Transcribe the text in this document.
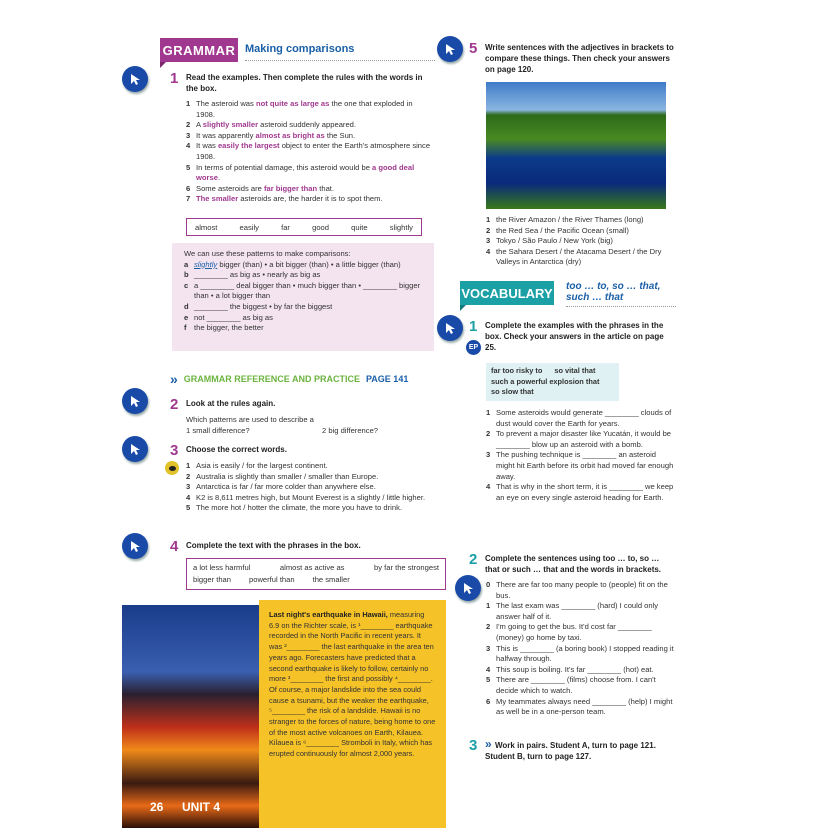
GRAMMAR Making comparisons
1 Read the examples. Then complete the rules with the words in the box.
1 The asteroid was not quite as large as the one that exploded in 1908.
2 A slightly smaller asteroid suddenly appeared.
3 It was apparently almost as bright as the Sun.
4 It was easily the largest object to enter the Earth's atmosphere since 1908.
5 In terms of potential damage, this asteroid would be a good deal worse.
6 Some asteroids are far bigger than that.
7 The smaller asteroids are, the harder it is to spot them.
almost	easily	far	good	quite	slightly
We can use these patterns to make comparisons:
a slightly bigger (than) • a bit bigger (than) • a little bigger (than)
b ________ as big as • nearly as big as
c a ________ deal bigger than • much bigger than • ________ bigger than • a lot bigger than
d ________ the biggest • by far the biggest
e not ________ as big as
f the bigger, the better
» GRAMMAR REFERENCE AND PRACTICE PAGE 141
2 Look at the rules again.
Which patterns are used to describe a
1 small difference?	2 big difference?
3 Choose the correct words.
1 Asia is easily / for the largest continent.
2 Australia is slightly than smaller / smaller than Europe.
3 Antarctica is far / far more colder than anywhere else.
4 K2 is 8,611 metres high, but Mount Everest is a slightly / little higher.
5 The more hot / hotter the climate, the more you have to drink.
4 Complete the text with the phrases in the box.
a lot less harmful	almost as active as	by far the strongest
bigger than powerful than the smaller
26 UNIT 4
Last night's earthquake in Hawaii, measuring 6.9 on the Richter scale, is ¹________ earthquake recorded in the North Pacific in recent years. It was ²________ the last earthquake in the area ten years ago. Forecasters have predicted that a second earthquake is likely to follow, certainly no more ³________ the first and possibly ⁴________. Of course, a major landslide into the sea could cause a tsunami, but the weaker the earthquake, ⁵________ the risk of a landslide. Hawaii is no stranger to the forces of nature, being home to one of the most active volcanoes on Earth, Kilauea. Kilauea is ⁶________ Stromboli in Italy, which has erupted continuously for almost 2,000 years.
5 Write sentences with the adjectives in brackets to compare these things. Then check your answers on page 120.
1 the River Amazon / the River Thames (long)
2 the Red Sea / the Pacific Ocean (small)
3 Tokyo / São Paulo / New York (big)
4 the Sahara Desert / the Atacama Desert / the Dry Valleys in Antarctica (dry)
VOCABULARY too … to, so … that,
such … that
1
EP
Complete the examples with the phrases in the box. Check your answers in the article on page 25.
far too risky to so vital that
such a powerful explosion that
so slow that
1 Some asteroids would generate ________ clouds of dust would cover the Earth for years.
2 To prevent a major disaster like Yucatán, it would be ________ blow up an asteroid with a bomb.
3 The pushing technique is ________ an asteroid might hit Earth before its orbit had moved far enough away.
4 That is why in the short term, it is ________ we keep an eye on every single asteroid heading for Earth.
2 Complete the sentences using too … to, so … that or such … that and the words in brackets.
0 There are far too many people to (people) fit on the bus.
1 The last exam was ________ (hard) I could only answer half of it.
2 I'm going to get the bus. It'd cost far ________ (money) go home by taxi.
3 This is ________ (a boring book) I stopped reading it halfway through.
4 This soup is boiling. It's far ________ (hot) eat.
5 There are ________ (films) choose from. I can't decide which to watch.
6 My teammates always need ________ (help) I might as well be in a one-person team.
3 » Work in pairs. Student A, turn to page 121. Student B, turn to page 127.
